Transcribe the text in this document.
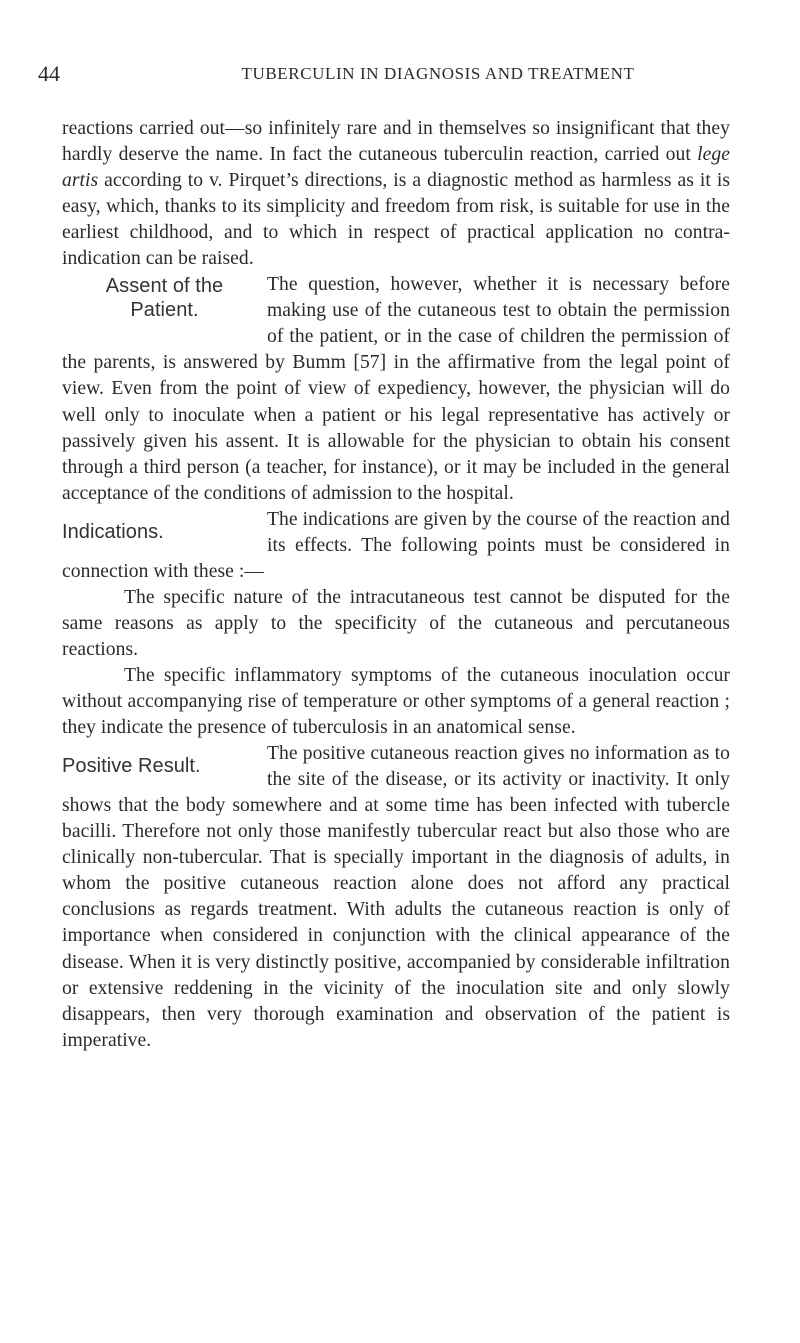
44	TUBERCULIN IN DIAGNOSIS AND TREATMENT

reactions carried out—so infinitely rare and in themselves so insignificant that they hardly deserve the name. In fact the cutaneous tuberculin reaction, carried out lege artis according to v. Pirquet’s directions, is a diagnostic method as harmless as it is easy, which, thanks to its simplicity and freedom from risk, is suitable for use in the earliest childhood, and to which in respect of practical application no contra-indication can be raised.

Assent of the
Patient.

The question, however, whether it is necessary before making use of the cutaneous test to obtain the permission of the patient, or in the case of children the permission of the parents, is answered by Bumm [57] in the affirmative from the legal point of view. Even from the point of view of expediency, however, the physician will do well only to inoculate when a patient or his legal representative has actively or passively given his assent. It is allowable for the physician to obtain his consent through a third person (a teacher, for instance), or it may be included in the general acceptance of the conditions of admission to the hospital.

Indications.

The indications are given by the course of the reaction and its effects. The following points must be considered in connection with these :—

The specific nature of the intracutaneous test cannot be disputed for the same reasons as apply to the specificity of the cutaneous and percutaneous reactions.

The specific inflammatory symptoms of the cutaneous inoculation occur without accompanying rise of temperature or other symptoms of a general reaction ; they indicate the presence of tuberculosis in an anatomical sense.

Positive Result.

The positive cutaneous reaction gives no information as to the site of the disease, or its activity or inactivity. It only shows that the body somewhere and at some time has been infected with tubercle bacilli. Therefore not only those manifestly tubercular react but also those who are clinically non-tubercular. That is specially important in the diagnosis of adults, in whom the positive cutaneous reaction alone does not afford any practical conclusions as regards treatment. With adults the cutaneous reaction is only of importance when considered in conjunction with the clinical appearance of the disease. When it is very distinctly positive, accompanied by considerable infiltration or extensive reddening in the vicinity of the inoculation site and only slowly disappears, then very thorough examination and observation of the patient is imperative.
